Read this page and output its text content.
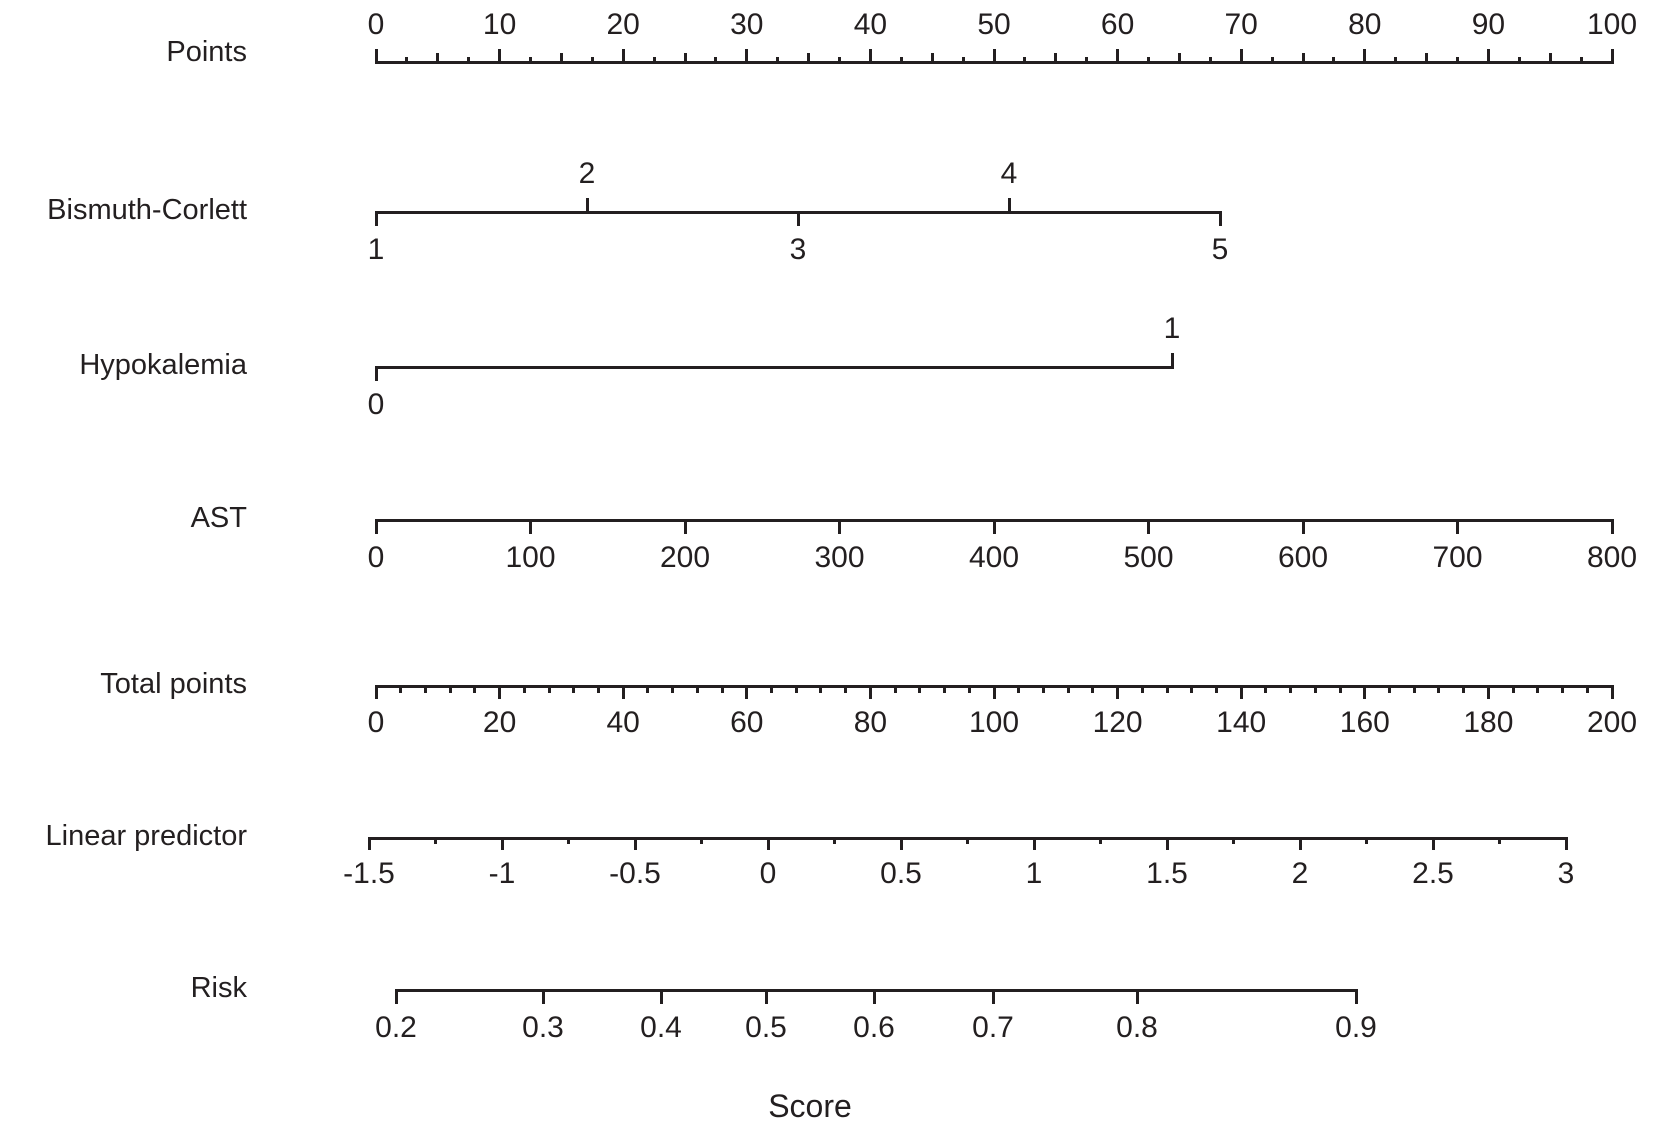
Points
Bismuth-Corlett
Hypokalemia
AST
Total points
Linear predictor
Risk
0	10	20	30	40	50	60	70	80	90	100
1
2
3
4
5
0
1
0	100	200	300	400	500	600	700	800
0	20	40	60	80	100	120	140	160	180	200
-1.5	-1	-0.5	0	0.5	1	1.5	2	2.5	3
0.2	0.3	0.4	0.5	0.6	0.7	0.8	0.9
Score
